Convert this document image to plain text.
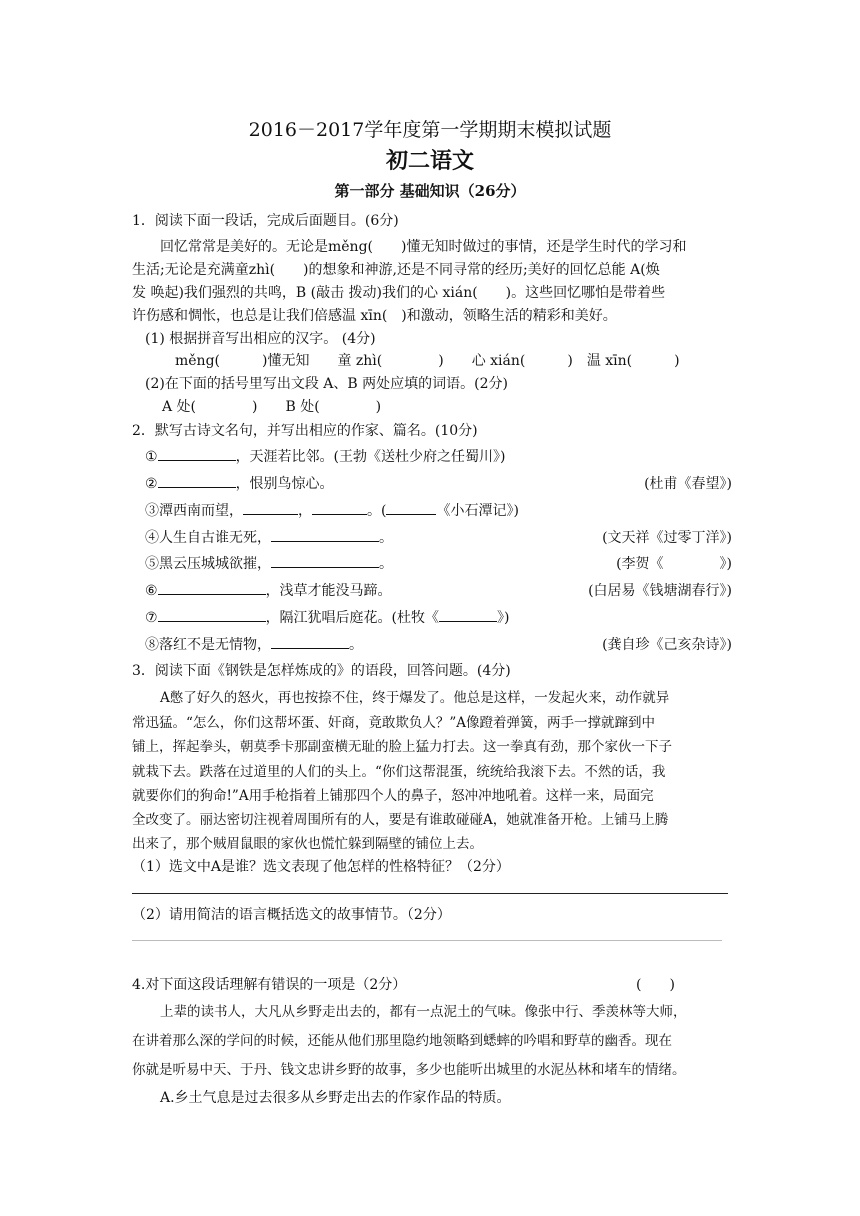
2016－2017学年度第一学期期末模拟试题
初二语文
第一部分 基础知识（26分）
1．阅读下面一段话，完成后面题目。(6分)
回忆常常是美好的。无论是měng(　　)懂无知时做过的事情，还是学生时代的学习和
生活;无论是充满童zhì(　　)的想象和神游,还是不同寻常的经历;美好的回忆总能 A(焕
发 唤起)我们强烈的共鸣，B (敲击 拨动)我们的心 xián(　　)。这些回忆哪怕是带着些
许伤感和惆怅，也总是让我们倍感温 xīn(　)和激动，领略生活的精彩和美好。
(1) 根据拼音写出相应的汉字。 (4分)
měng(　　　)懂无知　　童 zhì(　　　　)　　心 xián(　　　)　温 xīn(　　　)
(2)在下面的括号里写出文段 A、B 两处应填的词语。(2分)
A 处(　　　　)　　B 处(　　　　)
2．默写古诗文名句，并写出相应的作家、篇名。(10分)
①	，天涯若比邻。(王勃《送杜少府之任蜀川》)
②	，恨别鸟惊心。	(杜甫《春望》)
③潭西南而望，	，	。(	《小石潭记》)
④人生自古谁无死，	。	(文天祥《过零丁洋》)
⑤黑云压城城欲摧，	。	(李贺《　　　　》)
⑥	，浅草才能没马蹄。	(白居易《钱塘湖春行》)
⑦	，隔江犹唱后庭花。(杜牧《	》)
⑧落红不是无情物，	。	(龚自珍《己亥杂诗》)
3．阅读下面《钢铁是怎样炼成的》的语段，回答问题。(4分)
A憋了好久的怒火，再也按捺不住，终于爆发了。他总是这样，一发起火来，动作就异
常迅猛。“怎么，你们这帮坏蛋、奸商，竟敢欺负人？”A像蹬着弹簧，两手一撑就蹿到中
铺上，挥起拳头，朝莫季卡那副蛮横无耻的脸上猛力打去。这一拳真有劲，那个家伙一下子
就栽下去。跌落在过道里的人们的头上。“你们这帮混蛋，统统给我滚下去。不然的话，我
就要你们的狗命!”A用手枪指着上铺那四个人的鼻子，怒冲冲地吼着。这样一来，局面完
全改变了。丽达密切注视着周围所有的人，要是有谁敢碰碰A，她就准备开枪。上铺马上腾
出来了，那个贼眉鼠眼的家伙也慌忙躲到隔壁的铺位上去。
（1）选文中A是谁？选文表现了他怎样的性格特征？（2分）
（2）请用简洁的语言概括选文的故事情节。（2分）
4.对下面这段话理解有错误的一项是（2分）	(　　)
上辈的读书人，大凡从乡野走出去的，都有一点泥土的气味。像张中行、季羡林等大师，
在讲着那么深的学问的时候，还能从他们那里隐约地领略到蟋蟀的吟唱和野草的幽香。现在
你就是听易中天、于丹、钱文忠讲乡野的故事，多少也能听出城里的水泥丛林和堵车的情绪。
A.乡土气息是过去很多从乡野走出去的作家作品的特质。
